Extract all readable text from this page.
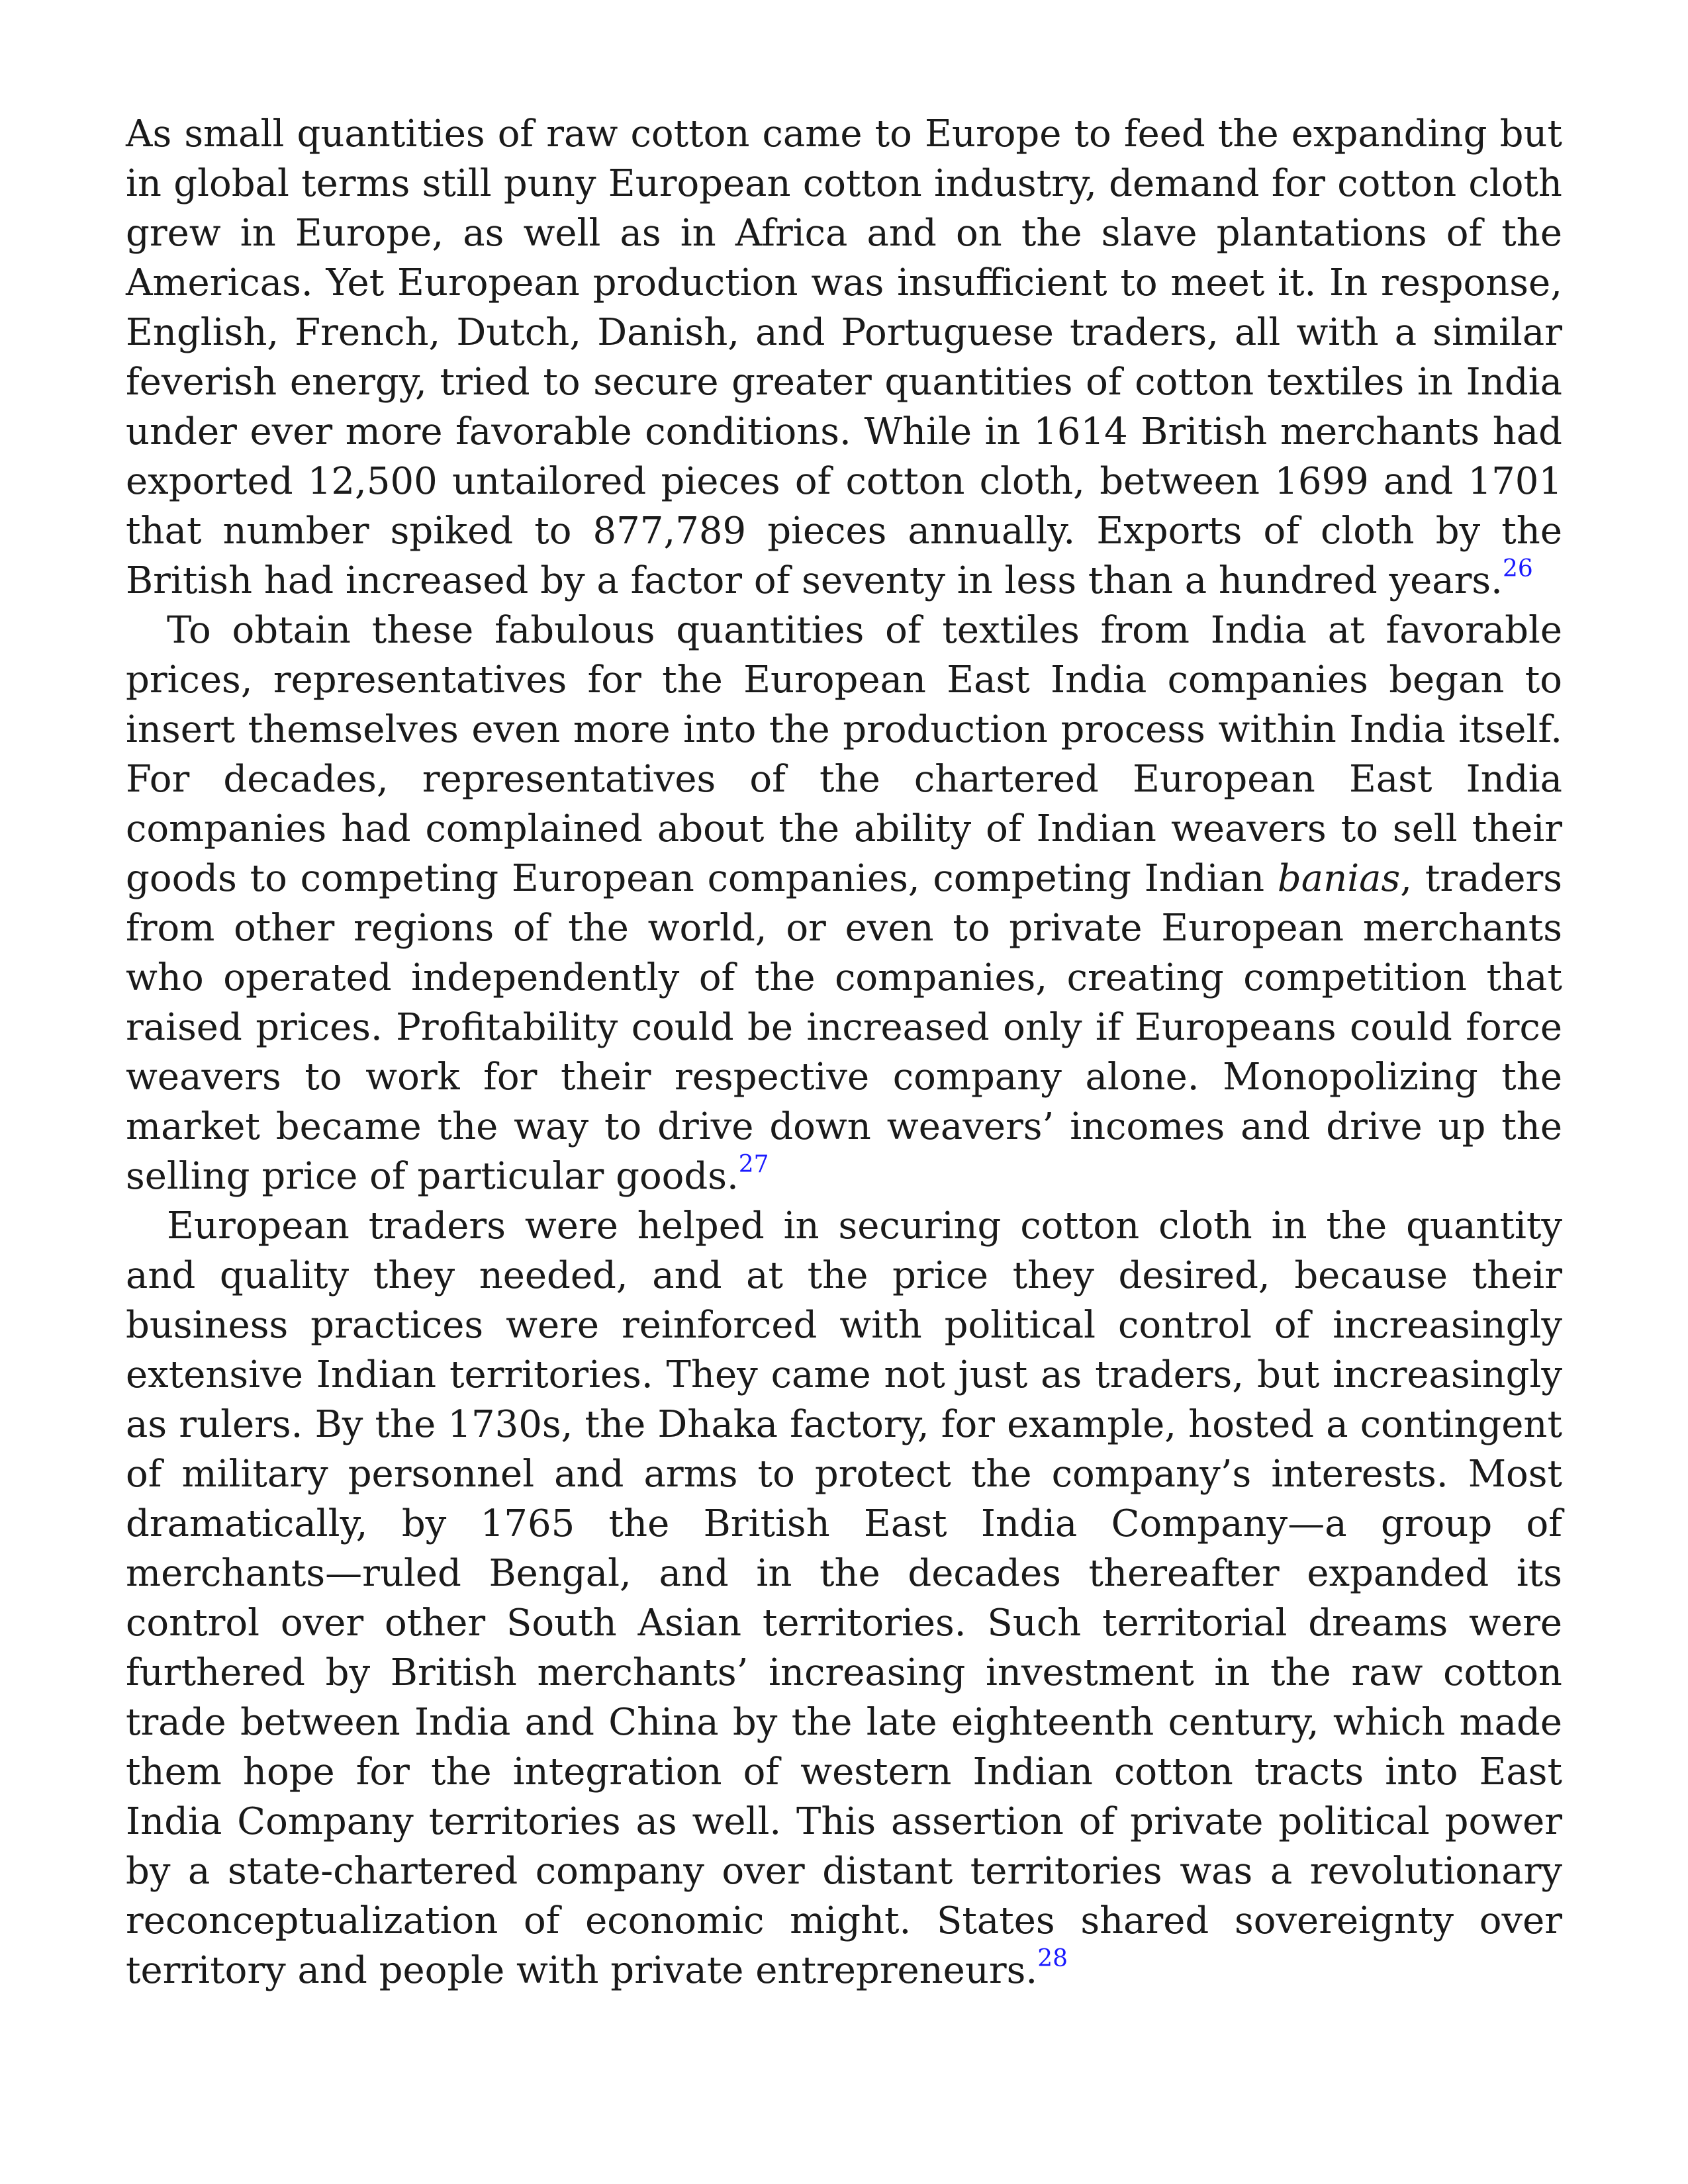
As small quantities of raw cotton came to Europe to feed the expanding but in global terms still puny European cotton industry, demand for cotton cloth grew in Europe, as well as in Africa and on the slave plantations of the Americas. Yet European production was insufficient to meet it. In response, English, French, Dutch, Danish, and Portuguese traders, all with a similar feverish energy, tried to secure greater quantities of cotton textiles in India under ever more favorable conditions. While in 1614 British merchants had exported 12,500 untailored pieces of cotton cloth, between 1699 and 1701 that number spiked to 877,789 pieces annually. Exports of cloth by the British had increased by a factor of seventy in less than a hundred years.$^{26}$

To obtain these fabulous quantities of textiles from India at favorable prices, representatives for the European East India companies began to insert themselves even more into the production process within India itself. For decades, representatives of the chartered European East India companies had complained about the ability of Indian weavers to sell their goods to competing European companies, competing Indian banias, traders from other regions of the world, or even to private European merchants who operated independently of the companies, creating competition that raised prices. Profitability could be increased only if Europeans could force weavers to work for their respective company alone. Monopolizing the market became the way to drive down weavers’ incomes and drive up the selling price of particular goods.$^{27}$

European traders were helped in securing cotton cloth in the quantity and quality they needed, and at the price they desired, because their business practices were reinforced with political control of increasingly extensive Indian territories. They came not just as traders, but increasingly as rulers. By the 1730s, the Dhaka factory, for example, hosted a contingent of military personnel and arms to protect the company’s interests. Most dramatically, by 1765 the British East India Company—a group of merchants—ruled Bengal, and in the decades thereafter expanded its control over other South Asian territories. Such territorial dreams were furthered by British merchants’ increasing investment in the raw cotton trade between India and China by the late eighteenth century, which made them hope for the integration of western Indian cotton tracts into East India Company territories as well. This assertion of private political power by a state-chartered company over distant territories was a revolutionary reconceptualization of economic might. States shared sovereignty over territory and people with private entrepreneurs.$^{28}$
